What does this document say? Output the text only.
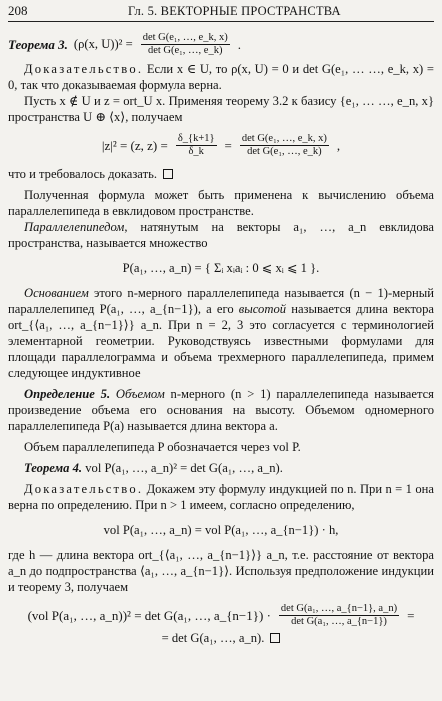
208	Гл. 5. ВЕКТОРНЫЕ ПРОСТРАНСТВА
Теорема 3. (ρ(x, $U))^2 = \frac{\text{det G(e₁, …, e\_k, x)}}{\text{det G(e₁, …, e\_k)}}$ .

Доказательство. Если x ∈ U, то ρ(x, U) = 0 и det G(e₁, … …, e_k, x) = 0, так что доказываемая формула верна.

Пусть x ∉ U и z = ort_U x. Применяя теорему 3.2 к базису {e₁, … …, e_n, x} пространства U ⊕ ⟨x⟩, получаем

|z|² = (z, $z) = \frac{\delta\_\{k+1\}}{\delta\_k} = \frac{\text{det G(e₁, …, e\_k, x)}}{\text{det G(e₁, …, e\_k)}}$ ,

что и требовалось доказать.

Полученная формула может быть применена к вычислению объема параллелепипеда в евклидовом пространстве.

Параллелепипедом, натянутым на векторы a₁, …, a_n евклидова пространства, называется множество

P(a₁, …, a_n) = { Σᵢ xᵢaᵢ : 0 ⩽ xᵢ ⩽ 1 }.

Основанием этого n-мерного параллелепипеда называется (n − 1)-мерный параллелепипед P(a₁, …, a_{n−1}), а его высотой называется длина вектора ort_{⟨a₁, …, a_{n−1}⟩} a_n. При n = 2, 3 это согласуется с терминологией элементарной геометрии. Руководствуясь известными формулами для площади параллелограмма и объема трехмерного параллелепипеда, примем следующее индуктивное

Определение 5. Объемом n-мерного (n > 1) параллелепипеда называется произведение объема его основания на высоту. Объемом одномерного параллелепипеда P(a) называется длина вектора a.

Объем параллелепипеда P обозначается через vol P.

Теорема 4. vol P(a₁, …, a_n)² = det G(a₁, …, a_n).

Доказательство. Докажем эту формулу индукцией по n. При n = 1 она верна по определению. При n > 1 имеем, согласно определению,

vol P(a₁, …, a_n) = vol P(a₁, …, a_{n−1}) · h,

где h — длина вектора ort_{⟨a₁, …, a_{n−1}⟩} a_n, т.е. расстояние от вектора a_n до подпространства ⟨a₁, …, a_{n−1}⟩. Используя предположение индукции и теорему 3, получаем

(vol P(a₁, …, a_n))² = det G(a₁, …, a_{n−1}) · $\frac{\text{det G(a₁, …, a\_\{n−1\}, a\_n)}}{\text{det G(a₁, …, a\_\{n−1\})}}$ =
= det G(a₁, …, a_n).
